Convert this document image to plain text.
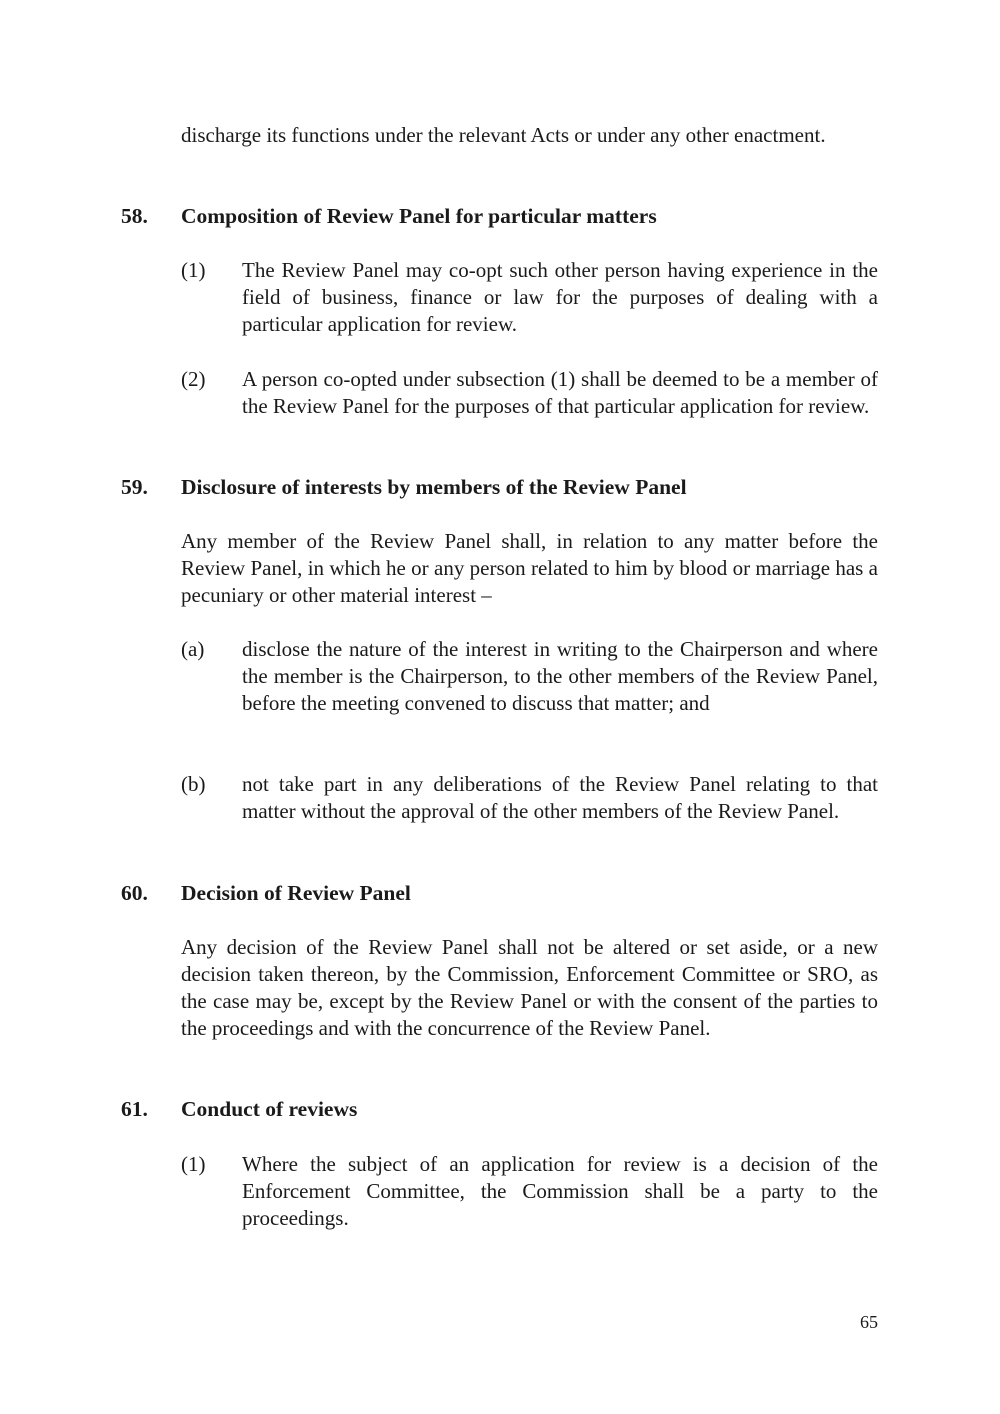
discharge its functions under the relevant Acts or under any other enactment.

58. Composition of Review Panel for particular matters
(1) The Review Panel may co-opt such other person having experience in the field of business, finance or law for the purposes of dealing with a particular application for review.
(2) A person co-opted under subsection (1) shall be deemed to be a member of the Review Panel for the purposes of that particular application for review.
59. Disclosure of interests by members of the Review Panel

Any member of the Review Panel shall, in relation to any matter before the Review Panel, in which he or any person related to him by blood or marriage has a pecuniary or other material interest –

(a) disclose the nature of the interest in writing to the Chairperson and where the member is the Chairperson, to the other members of the Review Panel, before the meeting convened to discuss that matter; and
(b) not take part in any deliberations of the Review Panel relating to that matter without the approval of the other members of the Review Panel.
60. Decision of Review Panel

Any decision of the Review Panel shall not be altered or set aside, or a new decision taken thereon, by the Commission, Enforcement Committee or SRO, as the case may be, except by the Review Panel or with the consent of the parties to the proceedings and with the concurrence of the Review Panel.

61. Conduct of reviews
(1) Where the subject of an application for review is a decision of the Enforcement Committee, the Commission shall be a party to the proceedings.
65
